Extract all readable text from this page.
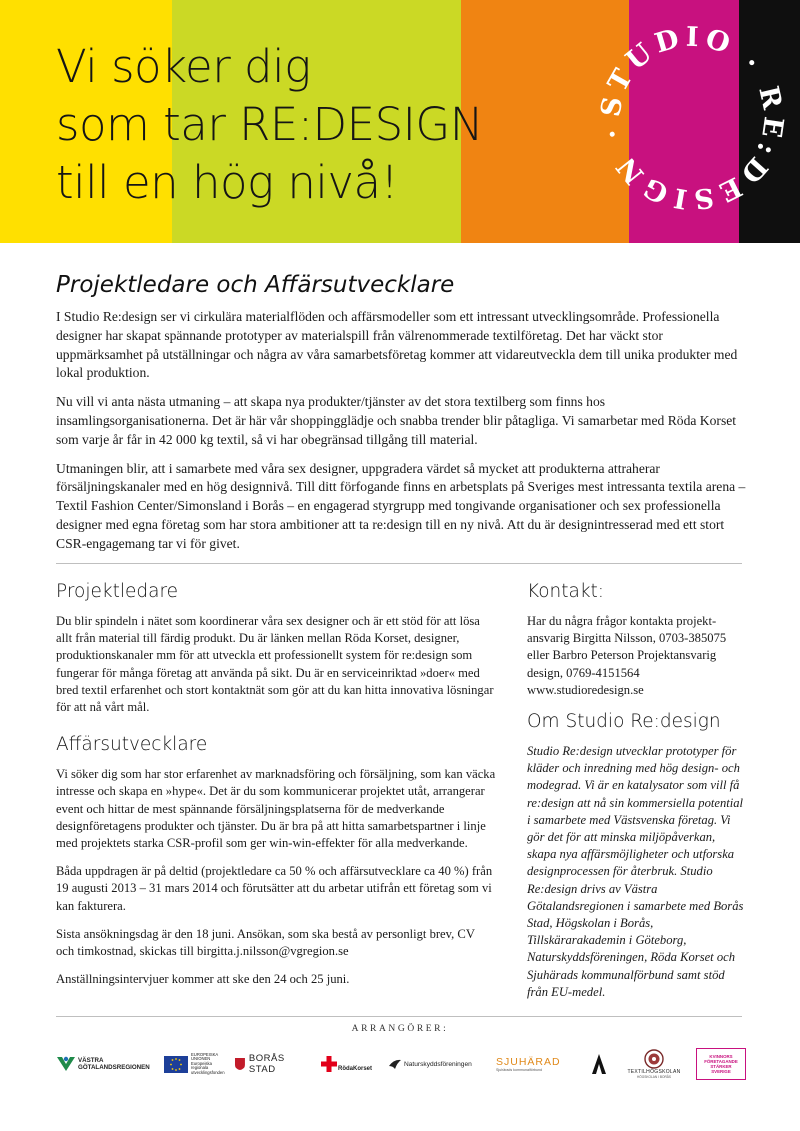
Vi söker dig
som tar RE:DESIGN
till en hög nivå!
STUDIO · RE:DESIGN ·
Projektledare och Affärsutvecklare

I Studio Re:design ser vi cirkulära materialflöden och affärsmodeller som ett intressant utvecklingsområde. Professionella designer har skapat spännande prototyper av materialspill från välrenommerade textilföretag. Det har väckt stor uppmärksamhet på utställningar och några av våra samarbetsföretag kommer att vidareutveckla dem till unika produkter med lokal produktion.

Nu vill vi anta nästa utmaning – att skapa nya produkter/tjänster av det stora textilberg som finns hos insamlingsorganisationerna. Det är här vår shoppingglädje och snabba trender blir påtagliga. Vi samarbetar med Röda Korset som varje år får in 42 000 kg textil, så vi har obegränsad tillgång till material.

Utmaningen blir, att i samarbete med våra sex designer, uppgradera värdet så mycket att produkterna attraherar försäljningskanaler med en hög designnivå. Till ditt förfogande finns en arbetsplats på Sveriges mest intressanta textila arena – Textil Fashion Center/Simonsland i Borås – en engagerad styrgrupp med tongivande organisationer och sex professionella designer med egna företag som har stora ambitioner att ta re:design till en ny nivå. Att du är designintresserad med ett stort CSR-engagemang tar vi för givet.

Projektledare

Du blir spindeln i nätet som koordinerar våra sex designer och är ett stöd för att lösa allt från material till färdig produkt. Du är länken mellan Röda Korset, designer, produktionskanaler mm för att utveckla ett professionellt system för re:design som fungerar för många företag att använda på sikt. Du är en serviceinriktad »doer« med bred textil erfarenhet och stort kontaktnät som gör att du kan hitta innovativa lösningar för att nå vårt mål.

Affärsutvecklare

Vi söker dig som har stor erfarenhet av marknadsföring och försäljning, som kan väcka intresse och skapa en »hype«. Det är du som kommunicerar projektet utåt, arrangerar event och hittar de mest spännande försäljningsplatserna för de medverkande designföretagens produkter och tjänster. Du är bra på att hitta samarbetspartner i linje med projektets starka CSR-profil som ger win-win-effekter för alla medverkande.

Båda uppdragen är på deltid (projektledare ca 50 % och affärsutvecklare ca 40 %) från 19 augusti 2013 – 31 mars 2014 och förutsätter att du arbetar utifrån ett företag som vi kan fakturera.

Sista ansökningsdag är den 18 juni. Ansökan, som ska bestå av personligt brev, CV och timkostnad, skickas till birgitta.j.nilsson@vgregion.se

Anställningsintervjuer kommer att ske den 24 och 25 juni.

Kontakt:

Har du några frågor kontakta projektansvarig Birgitta Nilsson, 0703-385075 eller Barbro Peterson Projektansvarig design, 0769-4151564

www.studioredesign.se

Om Studio Re:design

Studio Re:design utvecklar prototyper för kläder och inredning med hög design- och modegrad. Vi är en katalysator som vill få re:design att nå sin kommersiella potential i samarbete med Västsvenska företag. Vi gör det för att minska miljöpåverkan, skapa nya affärsmöjligheter och utforska designprocessen för återbruk. Studio Re:design drivs av Västra Götalandsregionen i samarbete med Borås Stad, Högskolan i Borås, Tillskärarakademin i Göteborg, Naturskyddsföreningen, Röda Korset och Sjuhärads kommunalförbund samt stöd från EU-medel.

ARRANGÖRER:
VÄSTRA
GÖTALANDSREGIONEN
EUROPEISKA
UNIONEN
Europeiska
regionala
utvecklingsfonden
BORÅS STAD	RödaKorset
Naturskyddsföreningen SJUHÄRAD
Sjuhärads kommunalförbund	TEXTILHÖGSKOLAN
HÖGSKOLAN I BORÅS
KVINNORS
FÖRETAGANDE
STÄRKER
SVERIGE
